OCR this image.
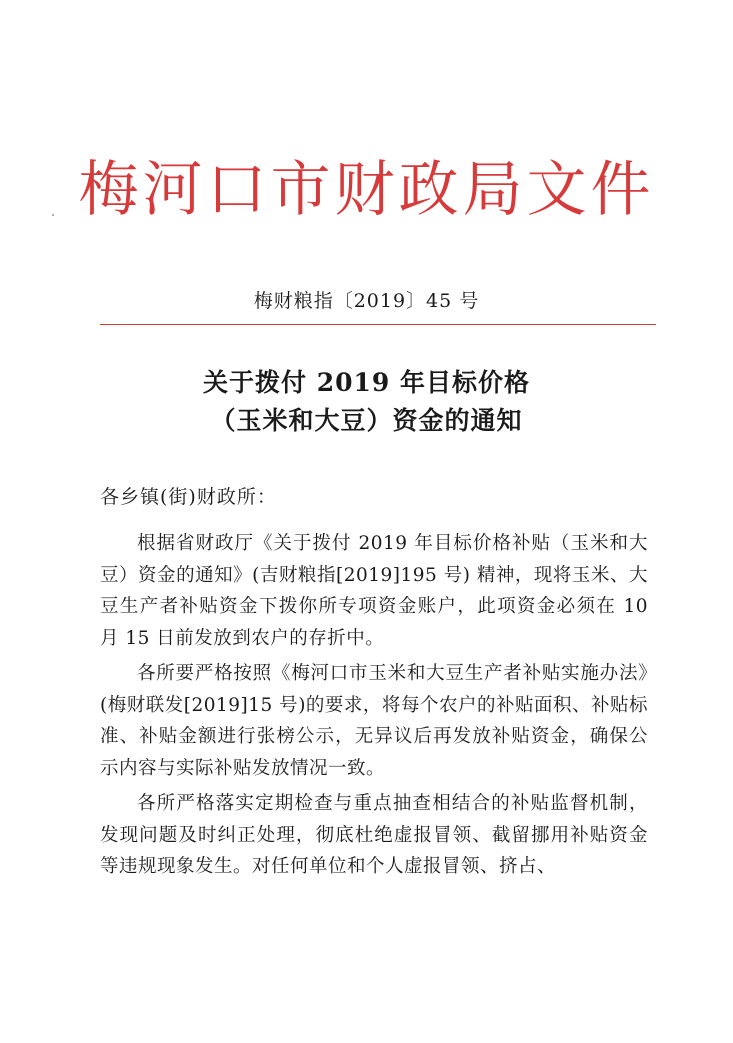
梅河口市财政局文件
梅财粮指〔2019〕45 号
关于拨付 2019 年目标价格
（玉米和大豆）资金的通知
各乡镇(街)财政所：

根据省财政厅《关于拨付 2019 年目标价格补贴（玉米和大豆）资金的通知》(吉财粮指[2019]195 号) 精神，现将玉米、大豆生产者补贴资金下拨你所专项资金账户，此项资金必须在 10 月 15 日前发放到农户的存折中。

各所要严格按照《梅河口市玉米和大豆生产者补贴实施办法》(梅财联发[2019]15 号)的要求，将每个农户的补贴面积、补贴标准、补贴金额进行张榜公示，无异议后再发放补贴资金，确保公示内容与实际补贴发放情况一致。

各所严格落实定期检查与重点抽查相结合的补贴监督机制，发现问题及时纠正处理，彻底杜绝虚报冒领、截留挪用补贴资金等违规现象发生。对任何单位和个人虚报冒领、挤占、
